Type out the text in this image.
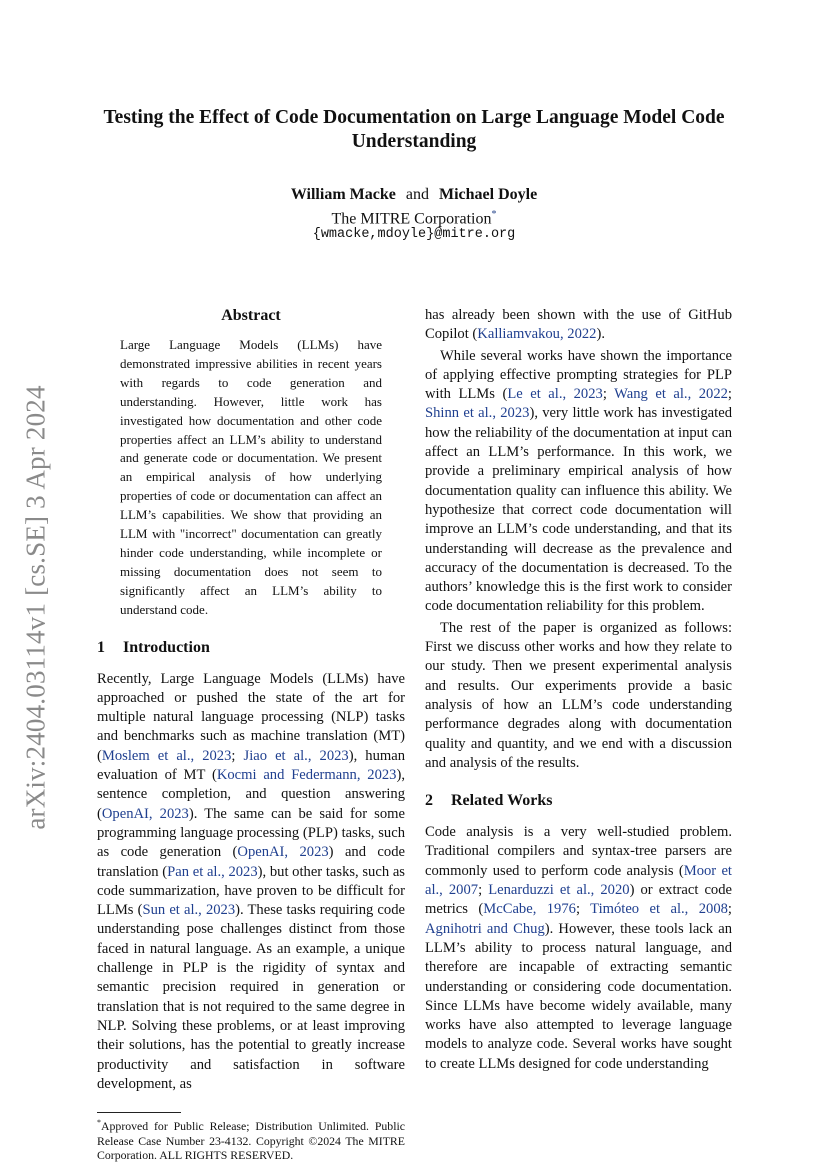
arXiv:2404.03114v1 [cs.SE] 3 Apr 2024
Testing the Effect of Code Documentation on Large Language Model Code Understanding
William Macke and Michael Doyle
The MITRE Corporation*
{wmacke,mdoyle}@mitre.org
Abstract
Large Language Models (LLMs) have demonstrated impressive abilities in recent years with regards to code generation and understanding. However, little work has investigated how documentation and other code properties affect an LLM’s ability to understand and generate code or documentation. We present an empirical analysis of how underlying properties of code or documentation can affect an LLM’s capabilities. We show that providing an LLM with "incorrect" documentation can greatly hinder code understanding, while incomplete or missing documentation does not seem to significantly affect an LLM’s ability to understand code.
1 Introduction

Recently, Large Language Models (LLMs) have approached or pushed the state of the art for multiple natural language processing (NLP) tasks and benchmarks such as machine translation (MT) (Moslem et al., 2023; Jiao et al., 2023), human evaluation of MT (Kocmi and Federmann, 2023), sentence completion, and question answering (OpenAI, 2023). The same can be said for some programming language processing (PLP) tasks, such as code generation (OpenAI, 2023) and code translation (Pan et al., 2023), but other tasks, such as code summarization, have proven to be difficult for LLMs (Sun et al., 2023). These tasks requiring code understanding pose challenges distinct from those faced in natural language. As an example, a unique challenge in PLP is the rigidity of syntax and semantic precision required in generation or translation that is not required to the same degree in NLP. Solving these problems, or at least improving their solutions, has the potential to greatly increase productivity and satisfaction in software development, as

*Approved for Public Release; Distribution Unlimited. Public Release Case Number 23-4132. Copyright ©2024 The MITRE Corporation. ALL RIGHTS RESERVED.

has already been shown with the use of GitHub Copilot (Kalliamvakou, 2022).

While several works have shown the importance of applying effective prompting strategies for PLP with LLMs (Le et al., 2023; Wang et al., 2022; Shinn et al., 2023), very little work has investigated how the reliability of the documentation at input can affect an LLM’s performance. In this work, we provide a preliminary empirical analysis of how documentation quality can influence this ability. We hypothesize that correct code documentation will improve an LLM’s code understanding, and that its understanding will decrease as the prevalence and accuracy of the documentation is decreased. To the authors’ knowledge this is the first work to consider code documentation reliability for this problem.

The rest of the paper is organized as follows: First we discuss other works and how they relate to our study. Then we present experimental analysis and results. Our experiments provide a basic analysis of how an LLM’s code understanding performance degrades along with documentation quality and quantity, and we end with a discussion and analysis of the results.

2 Related Works

Code analysis is a very well-studied problem. Traditional compilers and syntax-tree parsers are commonly used to perform code analysis (Moor et al., 2007; Lenarduzzi et al., 2020) or extract code metrics (McCabe, 1976; Timóteo et al., 2008; Agnihotri and Chug). However, these tools lack an LLM’s ability to process natural language, and therefore are incapable of extracting semantic understanding or considering code documentation. Since LLMs have become widely available, many works have also attempted to leverage language models to analyze code. Several works have sought to create LLMs designed for code understanding
